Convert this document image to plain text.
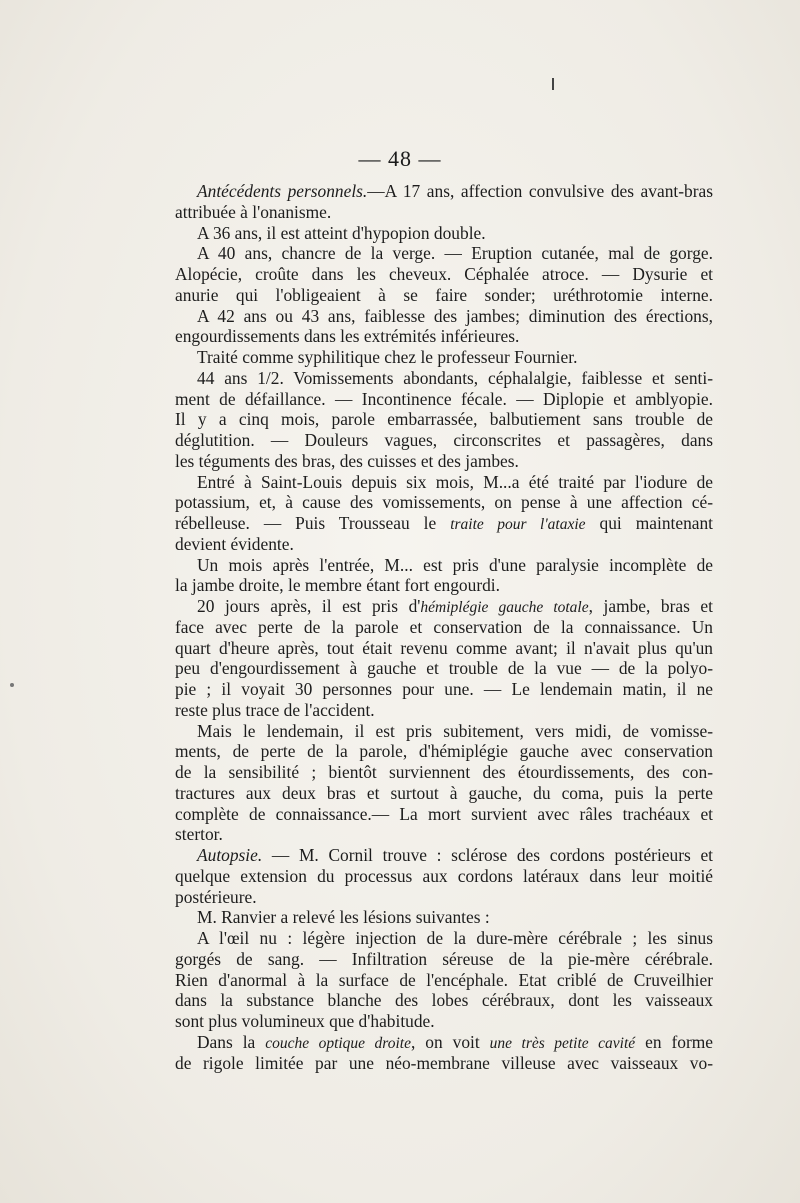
— 48 —
Antécédents personnels.—A 17 ans, affection convulsive des avant-bras
attribuée à l'onanisme.
A 36 ans, il est atteint d'hypopion double.
A 40 ans, chancre de la verge. — Eruption cutanée, mal de gorge.
Alopécie, croûte dans les cheveux. Céphalée atroce. — Dysurie et
anurie qui l'obligeaient à se faire sonder; uréthrotomie interne.
A 42 ans ou 43 ans, faiblesse des jambes; diminution des érections,
engourdissements dans les extrémités inférieures.
Traité comme syphilitique chez le professeur Fournier.
44 ans 1/2. Vomissements abondants, céphalalgie, faiblesse et senti-
ment de défaillance. — Incontinence fécale. — Diplopie et amblyopie.
Il y a cinq mois, parole embarrassée, balbutiement sans trouble de
déglutition. — Douleurs vagues, circonscrites et passagères, dans
les téguments des bras, des cuisses et des jambes.
Entré à Saint-Louis depuis six mois, M...a été traité par l'iodure de
potassium, et, à cause des vomissements, on pense à une affection cé-
rébelleuse. — Puis Trousseau le traite pour l'ataxie qui maintenant
devient évidente.
Un mois après l'entrée, M... est pris d'une paralysie incomplète de
la jambe droite, le membre étant fort engourdi.
20 jours après, il est pris d'hémiplégie gauche totale, jambe, bras et
face avec perte de la parole et conservation de la connaissance. Un
quart d'heure après, tout était revenu comme avant; il n'avait plus qu'un
peu d'engourdissement à gauche et trouble de la vue — de la polyo-
pie ; il voyait 30 personnes pour une. — Le lendemain matin, il ne
reste plus trace de l'accident.
Mais le lendemain, il est pris subitement, vers midi, de vomisse-
ments, de perte de la parole, d'hémiplégie gauche avec conservation
de la sensibilité ; bientôt surviennent des étourdissements, des con-
tractures aux deux bras et surtout à gauche, du coma, puis la perte
complète de connaissance.— La mort survient avec râles trachéaux et
stertor.
Autopsie. — M. Cornil trouve : sclérose des cordons postérieurs et
quelque extension du processus aux cordons latéraux dans leur moitié
postérieure.
M. Ranvier a relevé les lésions suivantes :
A l'œil nu : légère injection de la dure-mère cérébrale ; les sinus
gorgés de sang. — Infiltration séreuse de la pie-mère cérébrale.
Rien d'anormal à la surface de l'encéphale. Etat criblé de Cruveilhier
dans la substance blanche des lobes cérébraux, dont les vaisseaux
sont plus volumineux que d'habitude.
Dans la couche optique droite, on voit une très petite cavité en forme
de rigole limitée par une néo-membrane villeuse avec vaisseaux vo-
